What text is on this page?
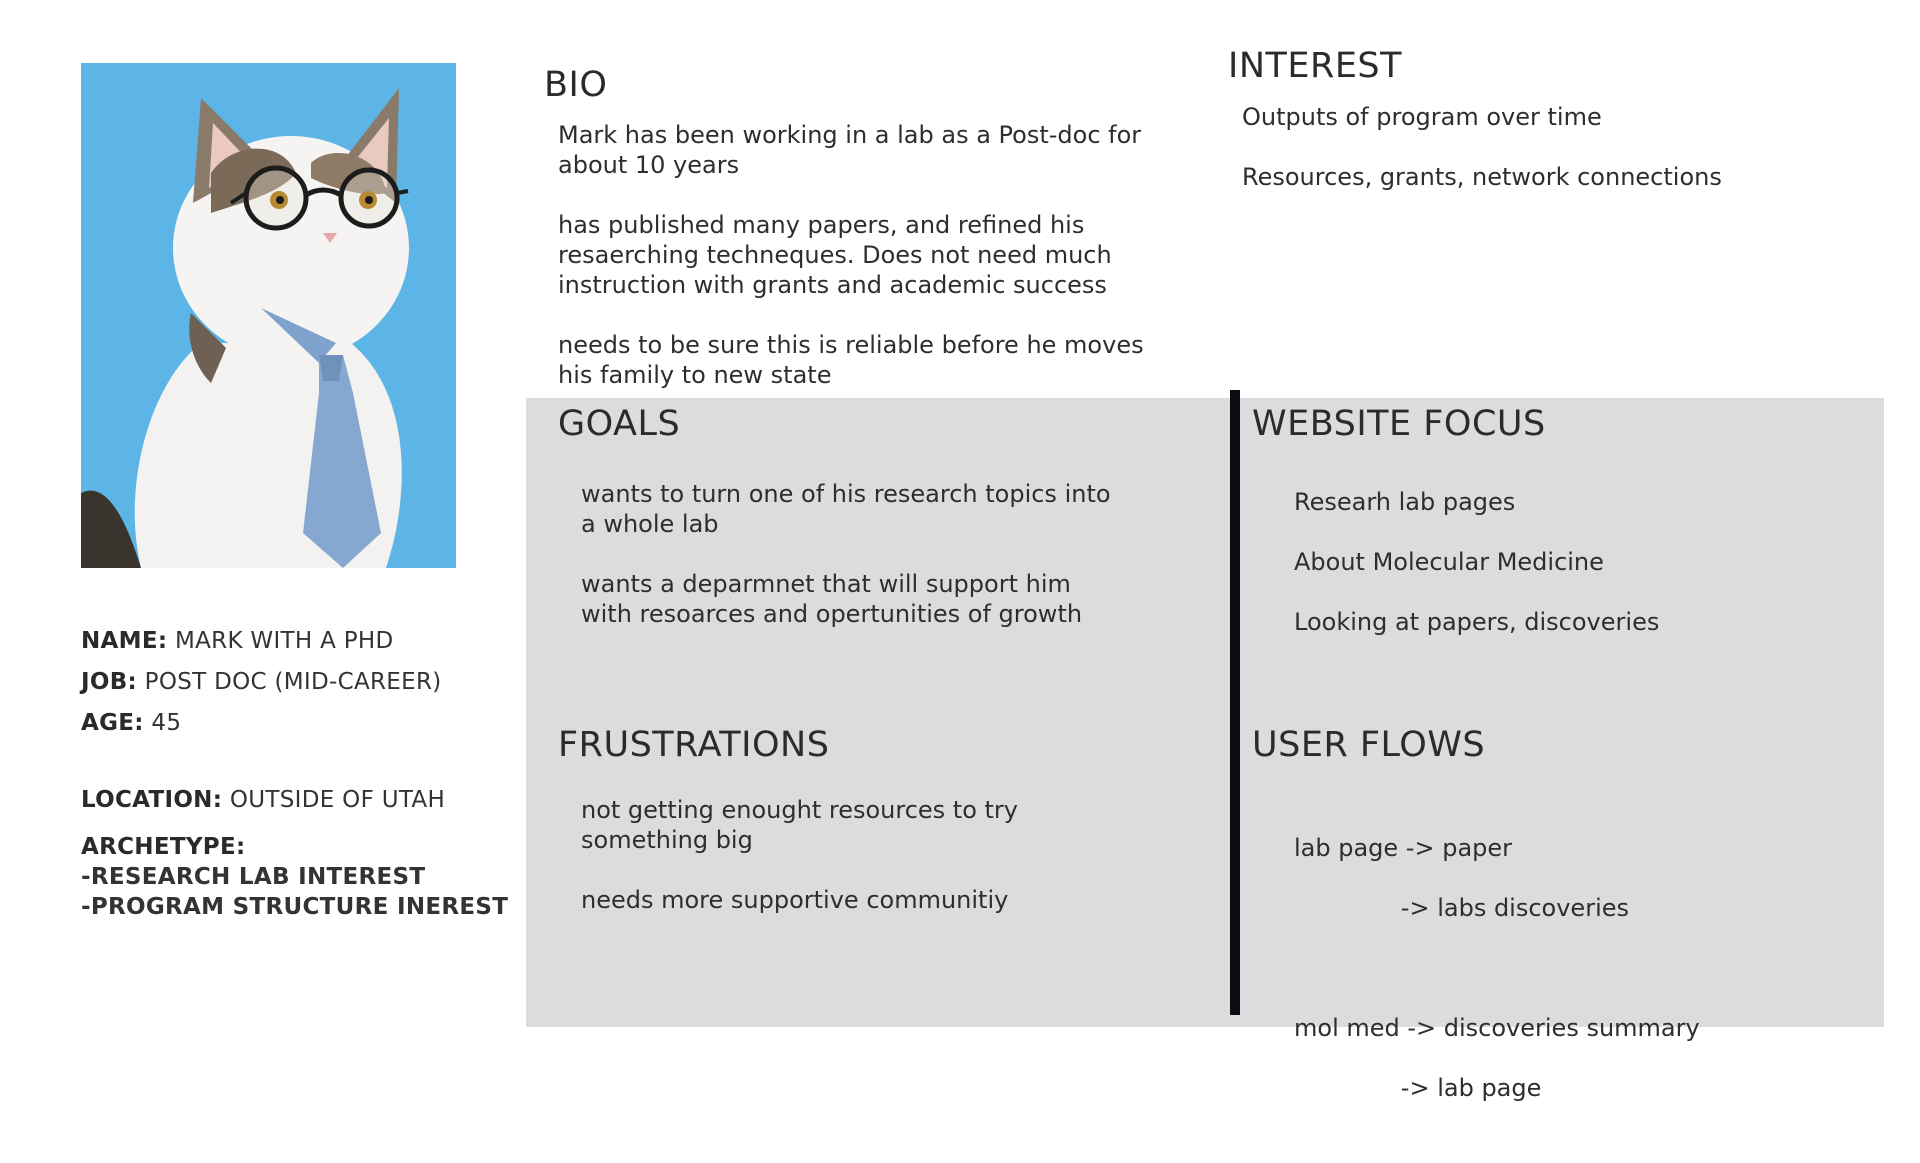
NAME: MARK WITH A PHD
JOB: POST DOC (MID-CAREER)
AGE: 45
LOCATION: OUTSIDE OF UTAH
ARCHETYPE:
-RESEARCH LAB INTEREST
-PROGRAM STRUCTURE INEREST
BIO
Mark has been working in a lab as a Post-doc for
about 10 years
has published many papers, and refined his
resaerching techneques. Does not need much
instruction with grants and academic success
needs to be sure this is reliable before he moves
his family to new state
INTEREST
Outputs of program over time
Resources, grants, network connections
GOALS
wants to turn one of his research topics into
a whole lab
wants a deparmnet that will support him
with resoarces and opertunities of growth
FRUSTRATIONS
not getting enought resources to try
something big
needs more supportive communitiy
WEBSITE FOCUS
Researh lab pages
About Molecular Medicine
Looking at papers, discoveries
USER FLOWS

lab page -> paper

-> labs discoveries

mol med -> discoveries summary

-> lab page
